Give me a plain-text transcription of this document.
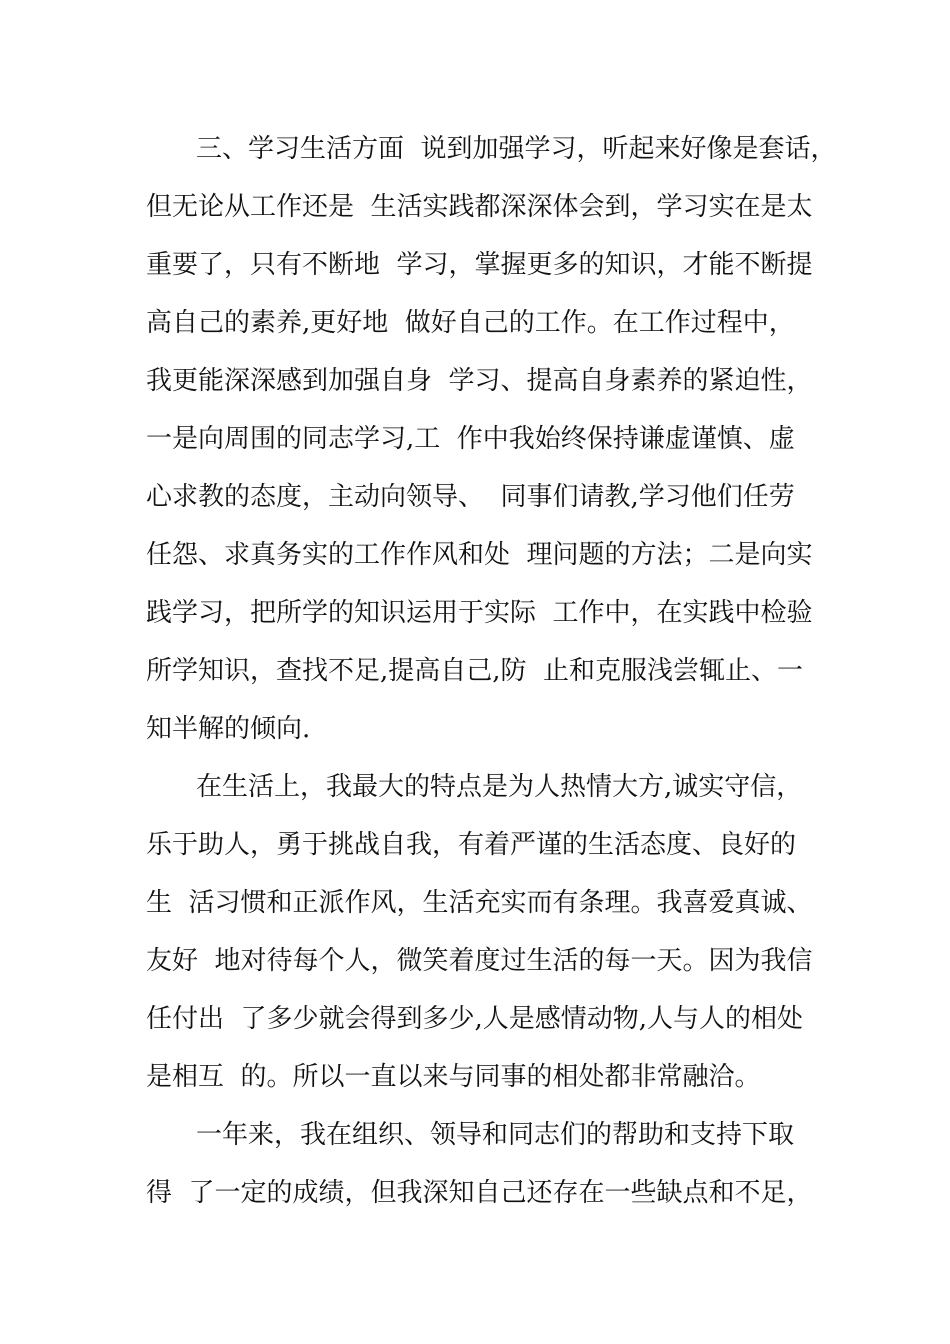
三、学习生活方面  说到加强学习，听起来好像是套话，
但无论从工作还是  生活实践都深深体会到，学习实在是太
重要了，只有不断地  学习，掌握更多的知识，才能不断提
高自己的素养,更好地  做好自己的工作。在工作过程中，
我更能深深感到加强自身  学习、提高自身素养的紧迫性，
一是向周围的同志学习,工  作中我始终保持谦虚谨慎、虚
心求教的态度，主动向领导、  同事们请教,学习他们任劳
任怨、求真务实的工作作风和处  理问题的方法；二是向实
践学习，把所学的知识运用于实际  工作中，在实践中检验
所学知识，查找不足,提高自己,防  止和克服浅尝辄止、一
知半解的倾向.
在生活上，我最大的特点是为人热情大方,诚实守信，
乐于助人，勇于挑战自我，有着严谨的生活态度、良好的
生  活习惯和正派作风，生活充实而有条理。我喜爱真诚、
友好  地对待每个人，微笑着度过生活的每一天。因为我信
任付出  了多少就会得到多少,人是感情动物,人与人的相处
是相互  的。所以一直以来与同事的相处都非常融洽。
一年来，我在组织、领导和同志们的帮助和支持下取
得  了一定的成绩，但我深知自己还存在一些缺点和不足，
